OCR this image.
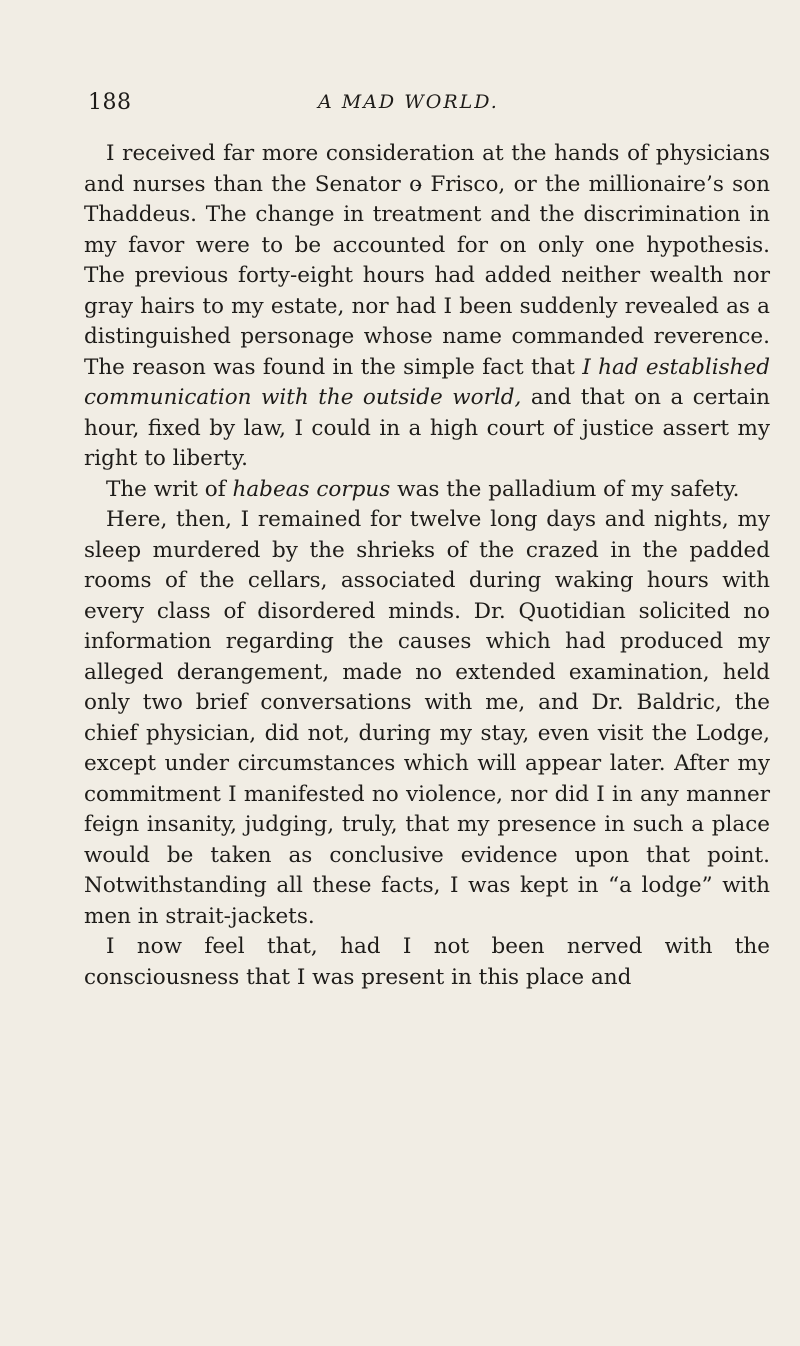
188	A MAD WORLD.

I received far more consideration at the hands of physicians and nurses than the Senator o̵ Frisco, or the millionaire’s son Thaddeus. The change in treatment and the discrimination in my favor were to be accounted for on only one hypothesis. The previous forty-eight hours had added neither wealth nor gray hairs to my estate, nor had I been suddenly revealed as a distinguished personage whose name commanded reverence. The reason was found in the simple fact that I had established communication with the outside world, and that on a certain hour, fixed by law, I could in a high court of justice assert my right to liberty.

The writ of habeas corpus was the palladium of my safety.

Here, then, I remained for twelve long days and nights, my sleep murdered by the shrieks of the crazed in the padded rooms of the cellars, associated during waking hours with every class of disordered minds. Dr. Quotidian solicited no information regarding the causes which had produced my alleged derangement, made no extended examination, held only two brief conversations with me, and Dr. Baldric, the chief physician, did not, during my stay, even visit the Lodge, except under circumstances which will appear later. After my commitment I manifested no violence, nor did I in any manner feign insanity, judging, truly, that my presence in such a place would be taken as conclusive evidence upon that point. Notwithstanding all these facts, I was kept in “a lodge” with men in strait-jackets.

I now feel that, had I not been nerved with the consciousness that I was present in this place and
